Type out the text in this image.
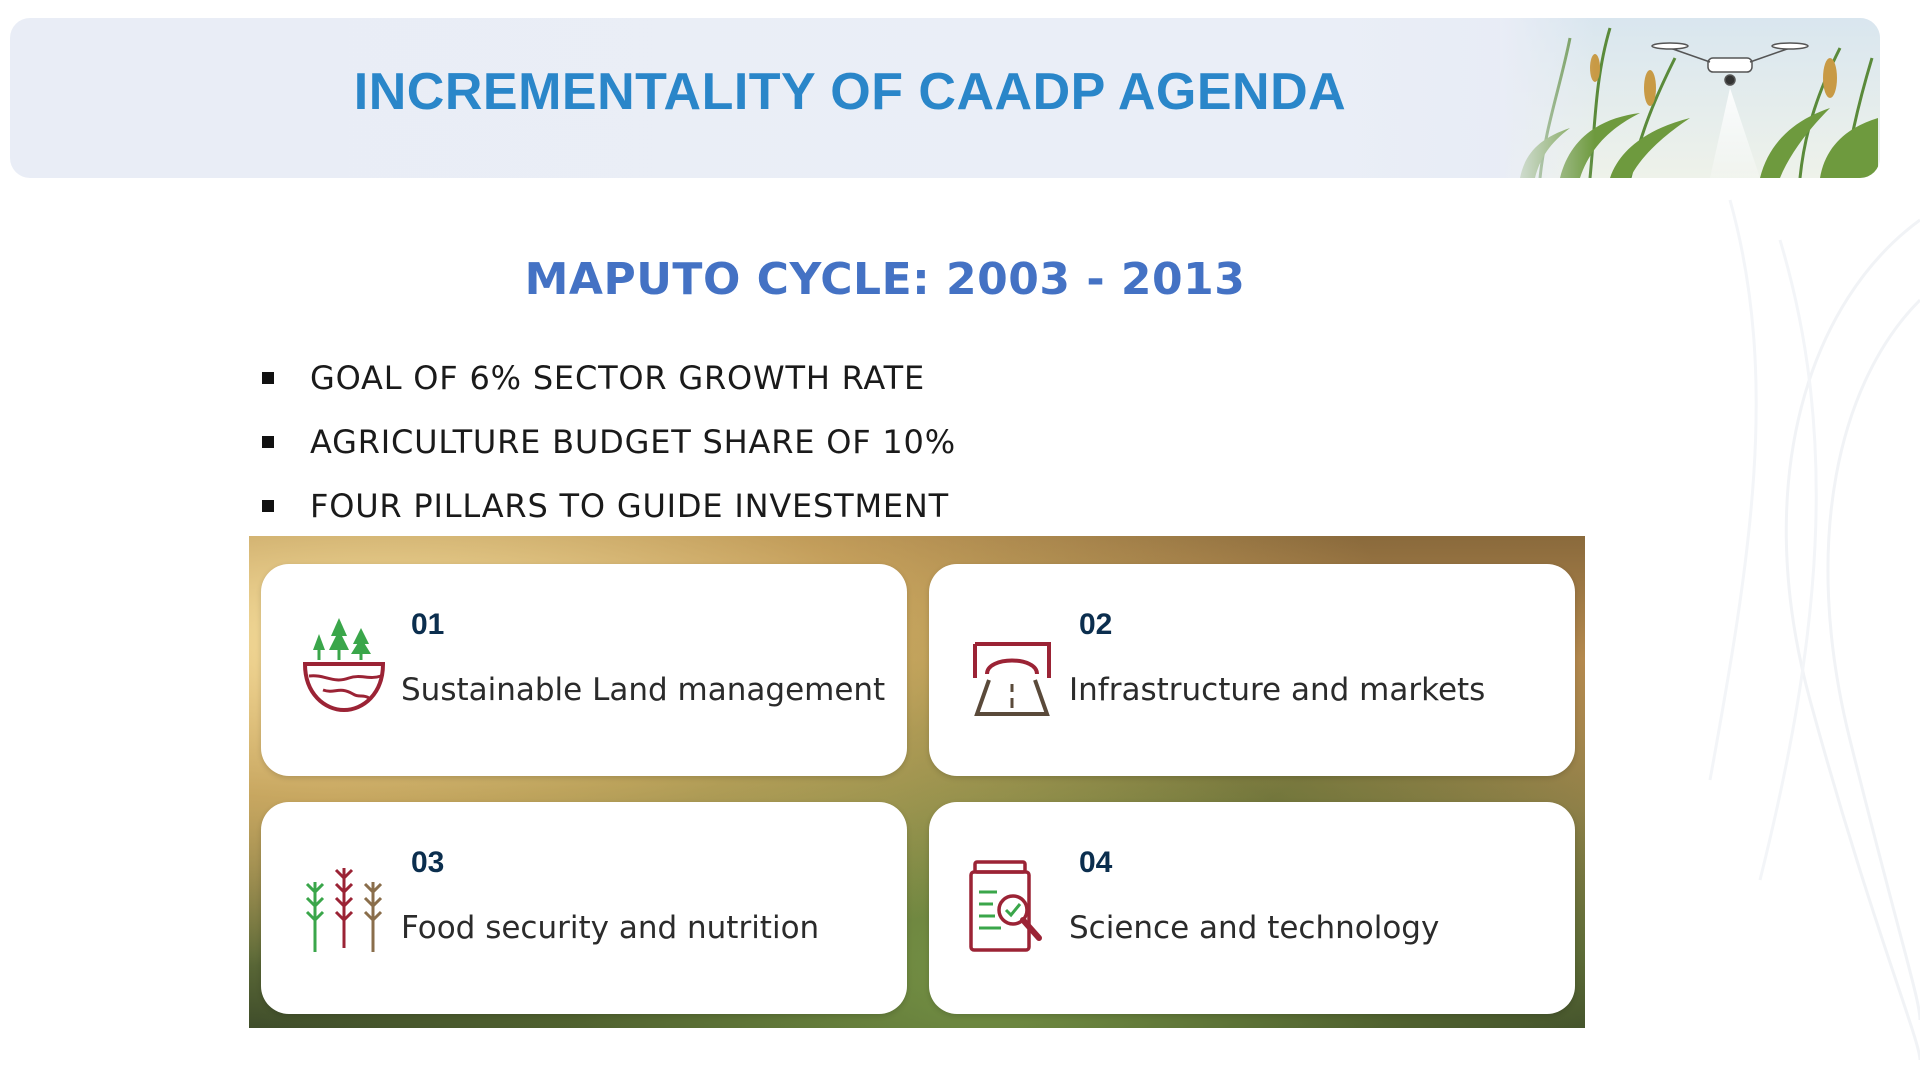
INCREMENTALITY OF CAADP AGENDA
MAPUTO CYCLE: 2003 - 2013
GOAL OF 6% SECTOR GROWTH RATE
AGRICULTURE BUDGET SHARE OF 10%
FOUR PILLARS TO GUIDE INVESTMENT
01
Sustainable Land management
02
Infrastructure and markets
03
Food security and nutrition
04
Science and technology
